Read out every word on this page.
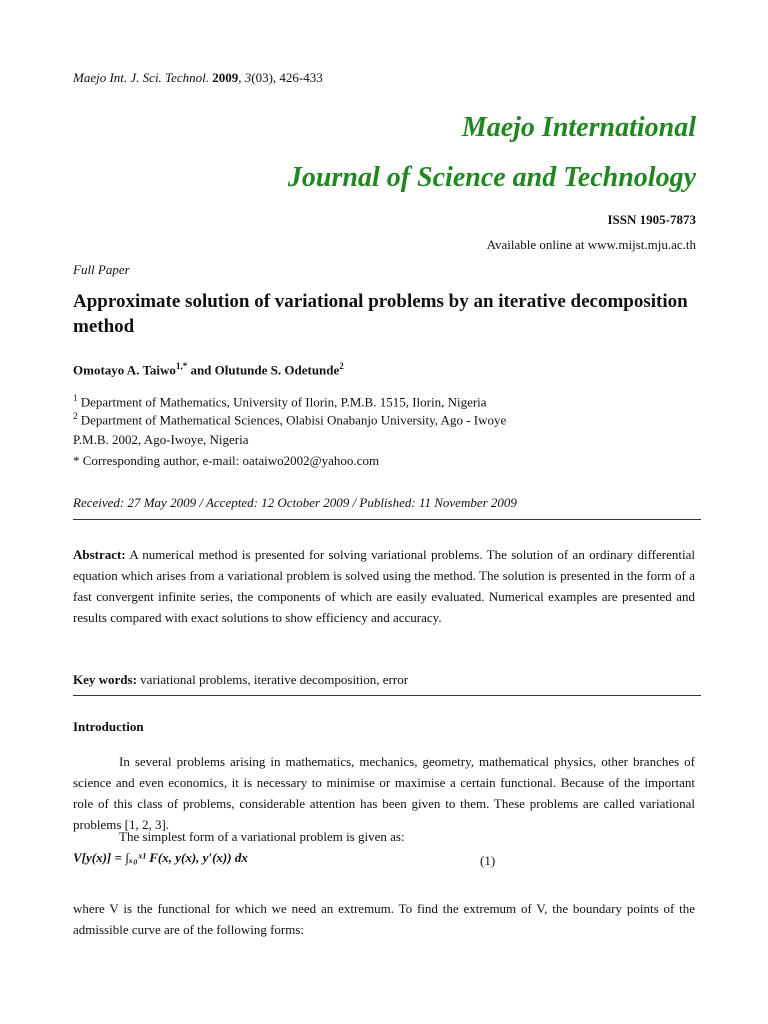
Maejo Int. J. Sci. Technol. 2009, 3(03), 426-433
Maejo International
Journal of Science and Technology
ISSN 1905-7873
Available online at www.mijst.mju.ac.th
Full Paper
Approximate solution of variational problems by an iterative decomposition method
Omotayo A. Taiwo$^{1,*}$ and Olutunde S. Odetunde$^2$
$^1$ Department of Mathematics, University of Ilorin, P.M.B. 1515, Ilorin, Nigeria
$^2$ Department of Mathematical Sciences, Olabisi Onabanjo University, Ago - Iwoye
P.M.B. 2002, Ago-Iwoye, Nigeria
* Corresponding author, e-mail: oataiwo2002@yahoo.com
Received: 27 May 2009 / Accepted: 12 October 2009 / Published: 11 November 2009
Abstract: A numerical method is presented for solving variational problems. The solution of an ordinary differential equation which arises from a variational problem is solved using the method. The solution is presented in the form of a fast convergent infinite series, the components of which are easily evaluated. Numerical examples are presented and results compared with exact solutions to show efficiency and accuracy.
Key words: variational problems, iterative decomposition, error
Introduction
In several problems arising in mathematics, mechanics, geometry, mathematical physics, other branches of science and even economics, it is necessary to minimise or maximise a certain functional. Because of the important role of this class of problems, considerable attention has been given to them. These problems are called variational problems [1, 2, 3].
The simplest form of a variational problem is given as:
V[y(x)] = ∫ₓ₀ˣ¹ F(x, y(x), y′(x)) dx	(1)
where V is the functional for which we need an extremum. To find the extremum of V, the boundary points of the admissible curve are of the following forms:
